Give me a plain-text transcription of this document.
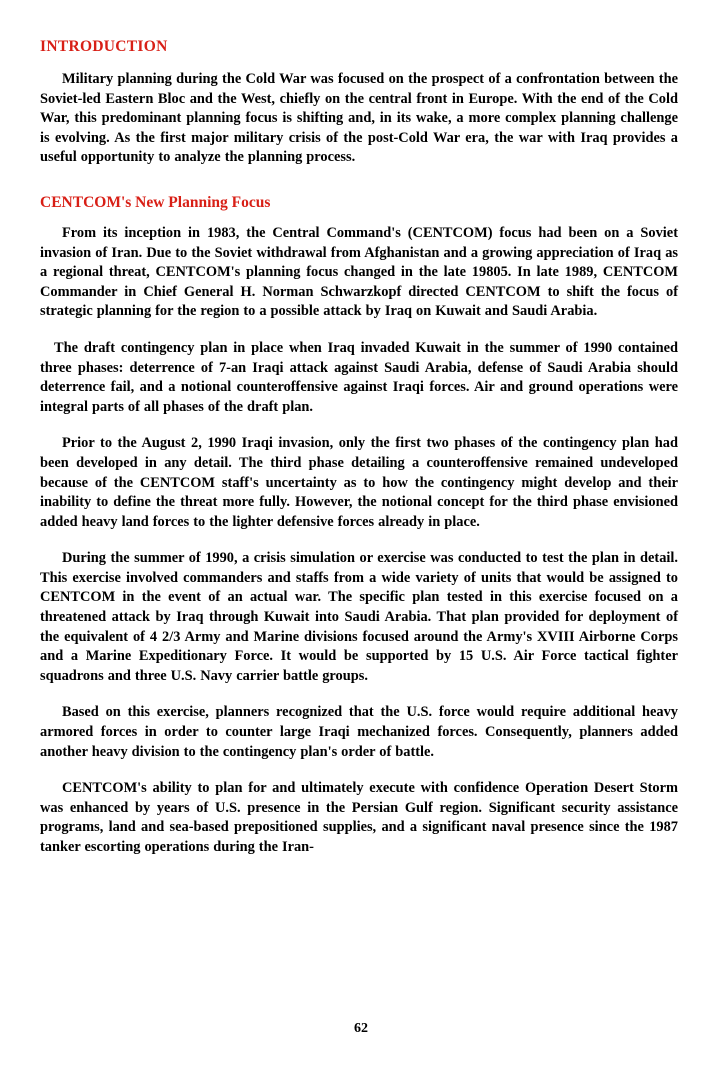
INTRODUCTION

Military planning during the Cold War was focused on the prospect of a confrontation between the Soviet-led Eastern Bloc and the West, chiefly on the central front in Europe. With the end of the Cold War, this predominant planning focus is shifting and, in its wake, a more complex planning challenge is evolving. As the first major military crisis of the post-Cold War era, the war with Iraq provides a useful opportunity to analyze the planning process.

CENTCOM's New Planning Focus

From its inception in 1983, the Central Command's (CENTCOM) focus had been on a Soviet invasion of Iran. Due to the Soviet withdrawal from Afghanistan and a growing appreciation of Iraq as a regional threat, CENTCOM's planning focus changed in the late 19805. In late 1989, CENTCOM Commander in Chief General H. Norman Schwarzkopf directed CENTCOM to shift the focus of strategic planning for the region to a possible attack by Iraq on Kuwait and Saudi Arabia.

The draft contingency plan in place when Iraq invaded Kuwait in the summer of 1990 contained three phases: deterrence of 7-an Iraqi attack against Saudi Arabia, defense of Saudi Arabia should deterrence fail, and a notional counteroffensive against Iraqi forces. Air and ground operations were integral parts of all phases of the draft plan.

Prior to the August 2, 1990 Iraqi invasion, only the first two phases of the contingency plan had been developed in any detail. The third phase detailing a counteroffensive remained undeveloped because of the CENTCOM staff's uncertainty as to how the contingency might develop and their inability to define the threat more fully. However, the notional concept for the third phase envisioned added heavy land forces to the lighter defensive forces already in place.

During the summer of 1990, a crisis simulation or exercise was conducted to test the plan in detail. This exercise involved commanders and staffs from a wide variety of units that would be assigned to CENTCOM in the event of an actual war. The specific plan tested in this exercise focused on a threatened attack by Iraq through Kuwait into Saudi Arabia. That plan provided for deployment of the equivalent of 4 2/3 Army and Marine divisions focused around the Army's XVIII Airborne Corps and a Marine Expeditionary Force. It would be supported by 15 U.S. Air Force tactical fighter squadrons and three U.S. Navy carrier battle groups.

Based on this exercise, planners recognized that the U.S. force would require additional heavy armored forces in order to counter large Iraqi mechanized forces. Consequently, planners added another heavy division to the contingency plan's order of battle.

CENTCOM's ability to plan for and ultimately execute with confidence Operation Desert Storm was enhanced by years of U.S. presence in the Persian Gulf region. Significant security assistance programs, land and sea-based prepositioned supplies, and a significant naval presence since the 1987 tanker escorting operations during the Iran-

62
